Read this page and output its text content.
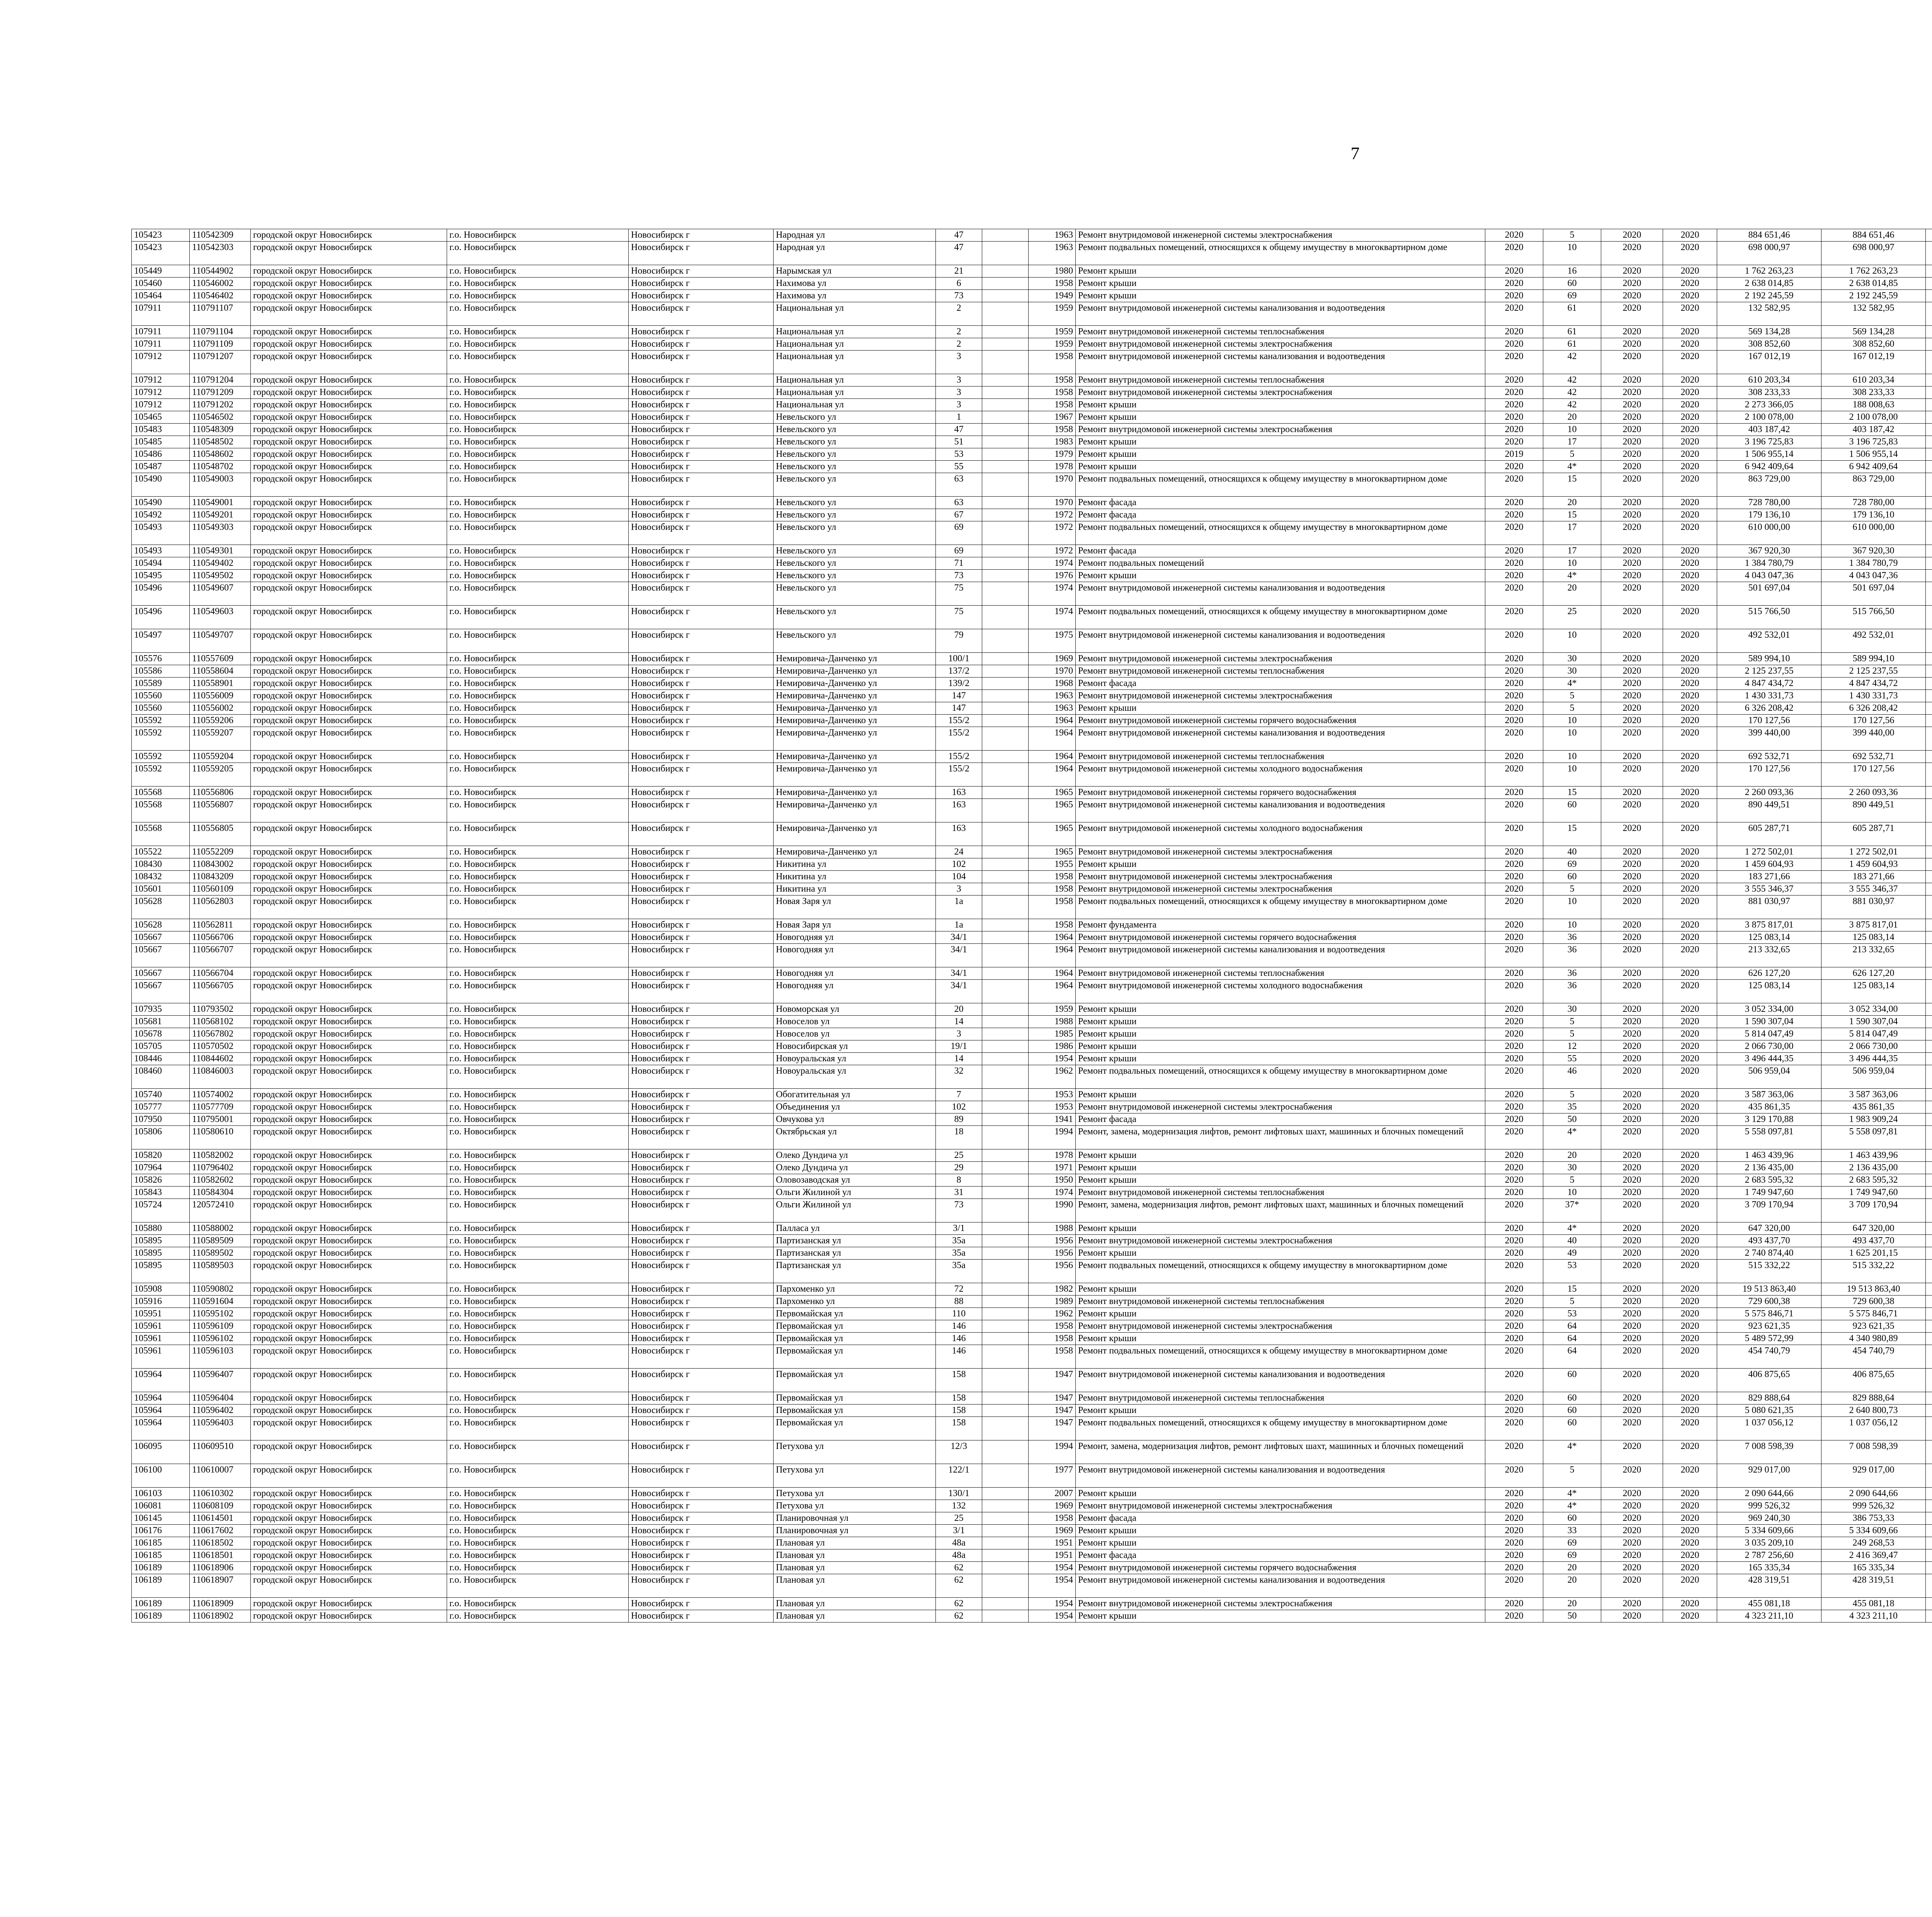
7
105423	110542309	городской округ Новосибирск	г.о. Новосибирск	Новосибирск г	Народная ул	47		1963	Ремонт внутридомовой инженерной системы электроснабжения	2020	5	2020	2020	884 651,46	884 651,46					
105423	110542303	городской округ Новосибирск	г.о. Новосибирск	Новосибирск г	Народная ул	47		1963	Ремонт подвальных помещений, относящихся к общему имуществу в многоквартирном доме	2020	10	2020	2020	698 000,97	698 000,97					
105449	110544902	городской округ Новосибирск	г.о. Новосибирск	Новосибирск г	Нарымская ул	21		1980	Ремонт крыши	2020	16	2020	2020	1 762 263,23	1 762 263,23					
105460	110546002	городской округ Новосибирск	г.о. Новосибирск	Новосибирск г	Нахимова ул	6		1958	Ремонт крыши	2020	60	2020	2020	2 638 014,85	2 638 014,85					
105464	110546402	городской округ Новосибирск	г.о. Новосибирск	Новосибирск г	Нахимова ул	73		1949	Ремонт крыши	2020	69	2020	2020	2 192 245,59	2 192 245,59					
107911	110791107	городской округ Новосибирск	г.о. Новосибирск	Новосибирск г	Национальная ул	2		1959	Ремонт внутридомовой инженерной системы канализования и водоотведения	2020	61	2020	2020	132 582,95	132 582,95					
107911	110791104	городской округ Новосибирск	г.о. Новосибирск	Новосибирск г	Национальная ул	2		1959	Ремонт внутридомовой инженерной системы теплоснабжения	2020	61	2020	2020	569 134,28	569 134,28					
107911	110791109	городской округ Новосибирск	г.о. Новосибирск	Новосибирск г	Национальная ул	2		1959	Ремонт внутридомовой инженерной системы электроснабжения	2020	61	2020	2020	308 852,60	308 852,60					
107912	110791207	городской округ Новосибирск	г.о. Новосибирск	Новосибирск г	Национальная ул	3		1958	Ремонт внутридомовой инженерной системы канализования и водоотведения	2020	42	2020	2020	167 012,19	167 012,19					
107912	110791204	городской округ Новосибирск	г.о. Новосибирск	Новосибирск г	Национальная ул	3		1958	Ремонт внутридомовой инженерной системы теплоснабжения	2020	42	2020	2020	610 203,34	610 203,34					
107912	110791209	городской округ Новосибирск	г.о. Новосибирск	Новосибирск г	Национальная ул	3		1958	Ремонт внутридомовой инженерной системы электроснабжения	2020	42	2020	2020	308 233,33	308 233,33					
107912	110791202	городской округ Новосибирск	г.о. Новосибирск	Новосибирск г	Национальная ул	3		1958	Ремонт крыши	2020	42	2020	2020	2 273 366,05	188 008,63					
105465	110546502	городской округ Новосибирск	г.о. Новосибирск	Новосибирск г	Невельского ул	1		1967	Ремонт крыши	2020	20	2020	2020	2 100 078,00	2 100 078,00					
105483	110548309	городской округ Новосибирск	г.о. Новосибирск	Новосибирск г	Невельского ул	47		1958	Ремонт внутридомовой инженерной системы электроснабжения	2020	10	2020	2020	403 187,42	403 187,42					
105485	110548502	городской округ Новосибирск	г.о. Новосибирск	Новосибирск г	Невельского ул	51		1983	Ремонт крыши	2020	17	2020	2020	3 196 725,83	3 196 725,83					
105486	110548602	городской округ Новосибирск	г.о. Новосибирск	Новосибирск г	Невельского ул	53		1979	Ремонт крыши	2019	5	2020	2020	1 506 955,14	1 506 955,14					
105487	110548702	городской округ Новосибирск	г.о. Новосибирск	Новосибирск г	Невельского ул	55		1978	Ремонт крыши	2020	4*	2020	2020	6 942 409,64	6 942 409,64					
105490	110549003	городской округ Новосибирск	г.о. Новосибирск	Новосибирск г	Невельского ул	63		1970	Ремонт подвальных помещений, относящихся к общему имуществу в многоквартирном доме	2020	15	2020	2020	863 729,00	863 729,00					
105490	110549001	городской округ Новосибирск	г.о. Новосибирск	Новосибирск г	Невельского ул	63		1970	Ремонт фасада	2020	20	2020	2020	728 780,00	728 780,00					
105492	110549201	городской округ Новосибирск	г.о. Новосибирск	Новосибирск г	Невельского ул	67		1972	Ремонт фасада	2020	15	2020	2020	179 136,10	179 136,10					
105493	110549303	городской округ Новосибирск	г.о. Новосибирск	Новосибирск г	Невельского ул	69		1972	Ремонт подвальных помещений, относящихся к общему имуществу в многоквартирном доме	2020	17	2020	2020	610 000,00	610 000,00					
105493	110549301	городской округ Новосибирск	г.о. Новосибирск	Новосибирск г	Невельского ул	69		1972	Ремонт фасада	2020	17	2020	2020	367 920,30	367 920,30					
105494	110549402	городской округ Новосибирск	г.о. Новосибирск	Новосибирск г	Невельского ул	71		1974	Ремонт подвальных помещений	2020	10	2020	2020	1 384 780,79	1 384 780,79					
105495	110549502	городской округ Новосибирск	г.о. Новосибирск	Новосибирск г	Невельского ул	73		1976	Ремонт крыши	2020	4*	2020	2020	4 043 047,36	4 043 047,36					
105496	110549607	городской округ Новосибирск	г.о. Новосибирск	Новосибирск г	Невельского ул	75		1974	Ремонт внутридомовой инженерной системы канализования и водоотведения	2020	20	2020	2020	501 697,04	501 697,04					
105496	110549603	городской округ Новосибирск	г.о. Новосибирск	Новосибирск г	Невельского ул	75		1974	Ремонт подвальных помещений, относящихся к общему имуществу в многоквартирном доме	2020	25	2020	2020	515 766,50	515 766,50					
105497	110549707	городской округ Новосибирск	г.о. Новосибирск	Новосибирск г	Невельского ул	79		1975	Ремонт внутридомовой инженерной системы канализования и водоотведения	2020	10	2020	2020	492 532,01	492 532,01					
105576	110557609	городской округ Новосибирск	г.о. Новосибирск	Новосибирск г	Немировича-Данченко ул	100/1		1969	Ремонт внутридомовой инженерной системы электроснабжения	2020	30	2020	2020	589 994,10	589 994,10					
105586	110558604	городской округ Новосибирск	г.о. Новосибирск	Новосибирск г	Немировича-Данченко ул	137/2		1970	Ремонт внутридомовой инженерной системы теплоснабжения	2020	30	2020	2020	2 125 237,55	2 125 237,55					
105589	110558901	городской округ Новосибирск	г.о. Новосибирск	Новосибирск г	Немировича-Данченко ул	139/2		1968	Ремонт фасада	2020	4*	2020	2020	4 847 434,72	4 847 434,72					
105560	110556009	городской округ Новосибирск	г.о. Новосибирск	Новосибирск г	Немировича-Данченко ул	147		1963	Ремонт внутридомовой инженерной системы электроснабжения	2020	5	2020	2020	1 430 331,73	1 430 331,73					
105560	110556002	городской округ Новосибирск	г.о. Новосибирск	Новосибирск г	Немировича-Данченко ул	147		1963	Ремонт крыши	2020	5	2020	2020	6 326 208,42	6 326 208,42					
105592	110559206	городской округ Новосибирск	г.о. Новосибирск	Новосибирск г	Немировича-Данченко ул	155/2		1964	Ремонт внутридомовой инженерной системы горячего водоснабжения	2020	10	2020	2020	170 127,56	170 127,56					
105592	110559207	городской округ Новосибирск	г.о. Новосибирск	Новосибирск г	Немировича-Данченко ул	155/2		1964	Ремонт внутридомовой инженерной системы канализования и водоотведения	2020	10	2020	2020	399 440,00	399 440,00					
105592	110559204	городской округ Новосибирск	г.о. Новосибирск	Новосибирск г	Немировича-Данченко ул	155/2		1964	Ремонт внутридомовой инженерной системы теплоснабжения	2020	10	2020	2020	692 532,71	692 532,71					
105592	110559205	городской округ Новосибирск	г.о. Новосибирск	Новосибирск г	Немировича-Данченко ул	155/2		1964	Ремонт внутридомовой инженерной системы холодного водоснабжения	2020	10	2020	2020	170 127,56	170 127,56					
105568	110556806	городской округ Новосибирск	г.о. Новосибирск	Новосибирск г	Немировича-Данченко ул	163		1965	Ремонт внутридомовой инженерной системы горячего водоснабжения	2020	15	2020	2020	2 260 093,36	2 260 093,36					
105568	110556807	городской округ Новосибирск	г.о. Новосибирск	Новосибирск г	Немировича-Данченко ул	163		1965	Ремонт внутридомовой инженерной системы канализования и водоотведения	2020	60	2020	2020	890 449,51	890 449,51					
105568	110556805	городской округ Новосибирск	г.о. Новосибирск	Новосибирск г	Немировича-Данченко ул	163		1965	Ремонт внутридомовой инженерной системы холодного водоснабжения	2020	15	2020	2020	605 287,71	605 287,71					
105522	110552209	городской округ Новосибирск	г.о. Новосибирск	Новосибирск г	Немировича-Данченко ул	24		1965	Ремонт внутридомовой инженерной системы электроснабжения	2020	40	2020	2020	1 272 502,01	1 272 502,01					
108430	110843002	городской округ Новосибирск	г.о. Новосибирск	Новосибирск г	Никитина ул	102		1955	Ремонт крыши	2020	69	2020	2020	1 459 604,93	1 459 604,93					
108432	110843209	городской округ Новосибирск	г.о. Новосибирск	Новосибирск г	Никитина ул	104		1958	Ремонт внутридомовой инженерной системы электроснабжения	2020	60	2020	2020	183 271,66	183 271,66					
105601	110560109	городской округ Новосибирск	г.о. Новосибирск	Новосибирск г	Никитина ул	3		1958	Ремонт внутридомовой инженерной системы электроснабжения	2020	5	2020	2020	3 555 346,37	3 555 346,37					
105628	110562803	городской округ Новосибирск	г.о. Новосибирск	Новосибирск г	Новая Заря ул	1а		1958	Ремонт подвальных помещений, относящихся к общему имуществу в многоквартирном доме	2020	10	2020	2020	881 030,97	881 030,97					
105628	110562811	городской округ Новосибирск	г.о. Новосибирск	Новосибирск г	Новая Заря ул	1а		1958	Ремонт фундамента	2020	10	2020	2020	3 875 817,01	3 875 817,01					
105667	110566706	городской округ Новосибирск	г.о. Новосибирск	Новосибирск г	Новогодняя ул	34/1		1964	Ремонт внутридомовой инженерной системы горячего водоснабжения	2020	36	2020	2020	125 083,14	125 083,14					
105667	110566707	городской округ Новосибирск	г.о. Новосибирск	Новосибирск г	Новогодняя ул	34/1		1964	Ремонт внутридомовой инженерной системы канализования и водоотведения	2020	36	2020	2020	213 332,65	213 332,65					
105667	110566704	городской округ Новосибирск	г.о. Новосибирск	Новосибирск г	Новогодняя ул	34/1		1964	Ремонт внутридомовой инженерной системы теплоснабжения	2020	36	2020	2020	626 127,20	626 127,20					
105667	110566705	городской округ Новосибирск	г.о. Новосибирск	Новосибирск г	Новогодняя ул	34/1		1964	Ремонт внутридомовой инженерной системы холодного водоснабжения	2020	36	2020	2020	125 083,14	125 083,14					
107935	110793502	городской округ Новосибирск	г.о. Новосибирск	Новосибирск г	Новоморская ул	20		1959	Ремонт крыши	2020	30	2020	2020	3 052 334,00	3 052 334,00					
105681	110568102	городской округ Новосибирск	г.о. Новосибирск	Новосибирск г	Новоселов ул	14		1988	Ремонт крыши	2020	5	2020	2020	1 590 307,04	1 590 307,04					
105678	110567802	городской округ Новосибирск	г.о. Новосибирск	Новосибирск г	Новоселов ул	3		1985	Ремонт крыши	2020	5	2020	2020	5 814 047,49	5 814 047,49					
105705	110570502	городской округ Новосибирск	г.о. Новосибирск	Новосибирск г	Новосибирская ул	19/1		1986	Ремонт крыши	2020	12	2020	2020	2 066 730,00	2 066 730,00					
108446	110844602	городской округ Новосибирск	г.о. Новосибирск	Новосибирск г	Новоуральская ул	14		1954	Ремонт крыши	2020	55	2020	2020	3 496 444,35	3 496 444,35					
108460	110846003	городской округ Новосибирск	г.о. Новосибирск	Новосибирск г	Новоуральская ул	32		1962	Ремонт подвальных помещений, относящихся к общему имуществу в многоквартирном доме	2020	46	2020	2020	506 959,04	506 959,04					
105740	110574002	городской округ Новосибирск	г.о. Новосибирск	Новосибирск г	Обогатительная ул	7		1953	Ремонт крыши	2020	5	2020	2020	3 587 363,06	3 587 363,06					
105777	110577709	городской округ Новосибирск	г.о. Новосибирск	Новосибирск г	Объединения ул	102		1953	Ремонт внутридомовой инженерной системы электроснабжения	2020	35	2020	2020	435 861,35	435 861,35					
107950	110795001	городской округ Новосибирск	г.о. Новосибирск	Новосибирск г	Овчукова ул	89		1941	Ремонт фасада	2020	50	2020	2020	3 129 170,88	1 983 909,24					
105806	110580610	городской округ Новосибирск	г.о. Новосибирск	Новосибирск г	Октябрьская ул	18		1994	Ремонт, замена, модернизация лифтов, ремонт лифтовых шахт, машинных и блочных помещений	2020	4*	2020	2020	5 558 097,81	5 558 097,81					
105820	110582002	городской округ Новосибирск	г.о. Новосибирск	Новосибирск г	Олеко Дундича ул	25		1978	Ремонт крыши	2020	20	2020	2020	1 463 439,96	1 463 439,96					
107964	110796402	городской округ Новосибирск	г.о. Новосибирск	Новосибирск г	Олеко Дундича ул	29		1971	Ремонт крыши	2020	30	2020	2020	2 136 435,00	2 136 435,00					
105826	110582602	городской округ Новосибирск	г.о. Новосибирск	Новосибирск г	Оловозаводская ул	8		1950	Ремонт крыши	2020	5	2020	2020	2 683 595,32	2 683 595,32					
105843	110584304	городской округ Новосибирск	г.о. Новосибирск	Новосибирск г	Ольги Жилиной ул	31		1974	Ремонт внутридомовой инженерной системы теплоснабжения	2020	10	2020	2020	1 749 947,60	1 749 947,60					
105724	120572410	городской округ Новосибирск	г.о. Новосибирск	Новосибирск г	Ольги Жилиной ул	73		1990	Ремонт, замена, модернизация лифтов, ремонт лифтовых шахт, машинных и блочных помещений	2020	37*	2020	2020	3 709 170,94	3 709 170,94					
105880	110588002	городской округ Новосибирск	г.о. Новосибирск	Новосибирск г	Палласа ул	3/1		1988	Ремонт крыши	2020	4*	2020	2020	647 320,00	647 320,00					
105895	110589509	городской округ Новосибирск	г.о. Новосибирск	Новосибирск г	Партизанская ул	35а		1956	Ремонт внутридомовой инженерной системы электроснабжения	2020	40	2020	2020	493 437,70	493 437,70					
105895	110589502	городской округ Новосибирск	г.о. Новосибирск	Новосибирск г	Партизанская ул	35а		1956	Ремонт крыши	2020	49	2020	2020	2 740 874,40	1 625 201,15					
105895	110589503	городской округ Новосибирск	г.о. Новосибирск	Новосибирск г	Партизанская ул	35а		1956	Ремонт подвальных помещений, относящихся к общему имуществу в многоквартирном доме	2020	53	2020	2020	515 332,22	515 332,22					
105908	110590802	городской округ Новосибирск	г.о. Новосибирск	Новосибирск г	Пархоменко ул	72		1982	Ремонт крыши	2020	15	2020	2020	19 513 863,40	19 513 863,40					
105916	110591604	городской округ Новосибирск	г.о. Новосибирск	Новосибирск г	Пархоменко ул	88		1989	Ремонт внутридомовой инженерной системы теплоснабжения	2020	5	2020	2020	729 600,38	729 600,38					
105951	110595102	городской округ Новосибирск	г.о. Новосибирск	Новосибирск г	Первомайская ул	110		1962	Ремонт крыши	2020	53	2020	2020	5 575 846,71	5 575 846,71					
105961	110596109	городской округ Новосибирск	г.о. Новосибирск	Новосибирск г	Первомайская ул	146		1958	Ремонт внутридомовой инженерной системы электроснабжения	2020	64	2020	2020	923 621,35	923 621,35					
105961	110596102	городской округ Новосибирск	г.о. Новосибирск	Новосибирск г	Первомайская ул	146		1958	Ремонт крыши	2020	64	2020	2020	5 489 572,99	4 340 980,89					
105961	110596103	городской округ Новосибирск	г.о. Новосибирск	Новосибирск г	Первомайская ул	146		1958	Ремонт подвальных помещений, относящихся к общему имуществу в многоквартирном доме	2020	64	2020	2020	454 740,79	454 740,79					
105964	110596407	городской округ Новосибирск	г.о. Новосибирск	Новосибирск г	Первомайская ул	158		1947	Ремонт внутридомовой инженерной системы канализования и водоотведения	2020	60	2020	2020	406 875,65	406 875,65					
105964	110596404	городской округ Новосибирск	г.о. Новосибирск	Новосибирск г	Первомайская ул	158		1947	Ремонт внутридомовой инженерной системы теплоснабжения	2020	60	2020	2020	829 888,64	829 888,64					
105964	110596402	городской округ Новосибирск	г.о. Новосибирск	Новосибирск г	Первомайская ул	158		1947	Ремонт крыши	2020	60	2020	2020	5 080 621,35	2 640 800,73					
105964	110596403	городской округ Новосибирск	г.о. Новосибирск	Новосибирск г	Первомайская ул	158		1947	Ремонт подвальных помещений, относящихся к общему имуществу в многоквартирном доме	2020	60	2020	2020	1 037 056,12	1 037 056,12					
106095	110609510	городской округ Новосибирск	г.о. Новосибирск	Новосибирск г	Петухова ул	12/3		1994	Ремонт, замена, модернизация лифтов, ремонт лифтовых шахт, машинных и блочных помещений	2020	4*	2020	2020	7 008 598,39	7 008 598,39					
106100	110610007	городской округ Новосибирск	г.о. Новосибирск	Новосибирск г	Петухова ул	122/1		1977	Ремонт внутридомовой инженерной системы канализования и водоотведения	2020	5	2020	2020	929 017,00	929 017,00					
106103	110610302	городской округ Новосибирск	г.о. Новосибирск	Новосибирск г	Петухова ул	130/1		2007	Ремонт крыши	2020	4*	2020	2020	2 090 644,66	2 090 644,66					
106081	110608109	городской округ Новосибирск	г.о. Новосибирск	Новосибирск г	Петухова ул	132		1969	Ремонт внутридомовой инженерной системы электроснабжения	2020	4*	2020	2020	999 526,32	999 526,32					
106145	110614501	городской округ Новосибирск	г.о. Новосибирск	Новосибирск г	Планировочная ул	25		1958	Ремонт фасада	2020	60	2020	2020	969 240,30	386 753,33					
106176	110617602	городской округ Новосибирск	г.о. Новосибирск	Новосибирск г	Планировочная ул	3/1		1969	Ремонт крыши	2020	33	2020	2020	5 334 609,66	5 334 609,66					
106185	110618502	городской округ Новосибирск	г.о. Новосибирск	Новосибирск г	Плановая ул	48а		1951	Ремонт крыши	2020	69	2020	2020	3 035 209,10	249 268,53					
106185	110618501	городской округ Новосибирск	г.о. Новосибирск	Новосибирск г	Плановая ул	48а		1951	Ремонт фасада	2020	69	2020	2020	2 787 256,60	2 416 369,47					
106189	110618906	городской округ Новосибирск	г.о. Новосибирск	Новосибирск г	Плановая ул	62		1954	Ремонт внутридомовой инженерной системы горячего водоснабжения	2020	20	2020	2020	165 335,34	165 335,34					
106189	110618907	городской округ Новосибирск	г.о. Новосибирск	Новосибирск г	Плановая ул	62		1954	Ремонт внутридомовой инженерной системы канализования и водоотведения	2020	20	2020	2020	428 319,51	428 319,51					
106189	110618909	городской округ Новосибирск	г.о. Новосибирск	Новосибирск г	Плановая ул	62		1954	Ремонт внутридомовой инженерной системы электроснабжения	2020	20	2020	2020	455 081,18	455 081,18					
106189	110618902	городской округ Новосибирск	г.о. Новосибирск	Новосибирск г	Плановая ул	62		1954	Ремонт крыши	2020	50	2020	2020	4 323 211,10	4 323 211,10					
